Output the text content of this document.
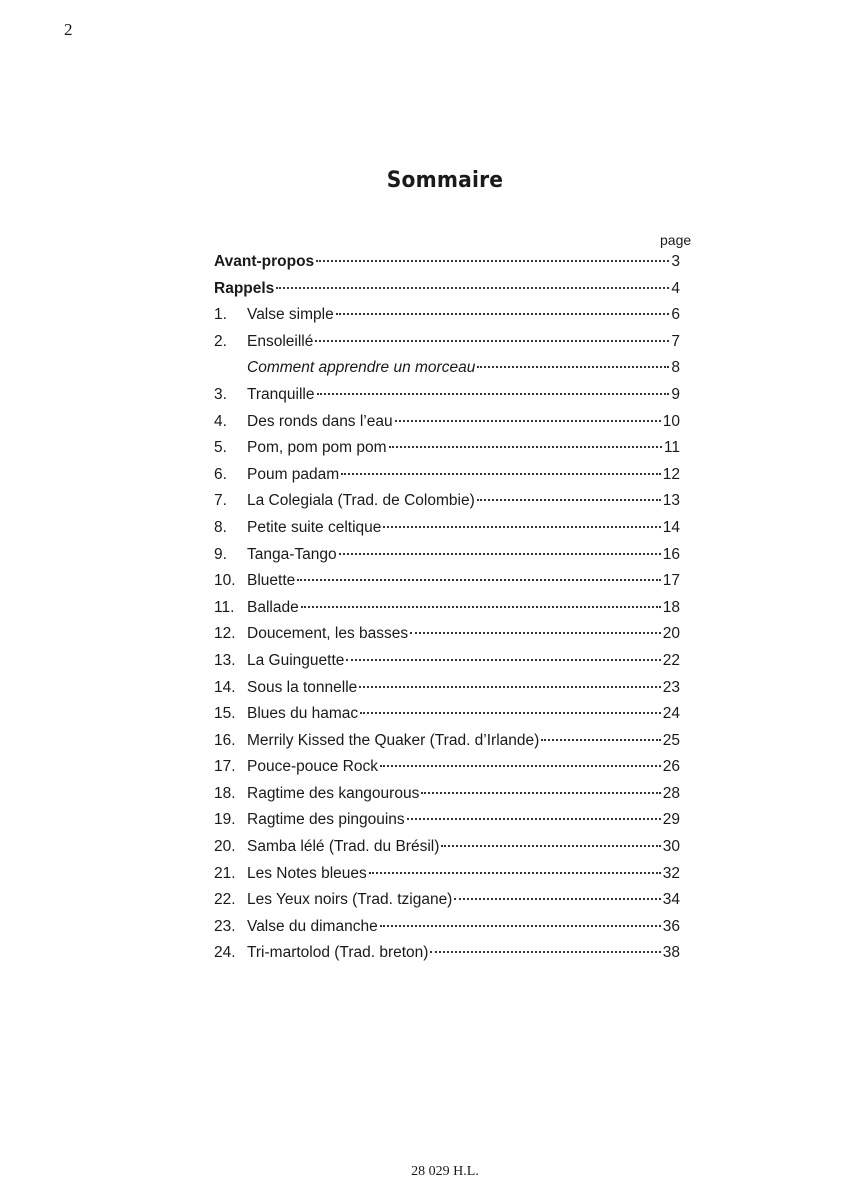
2
Sommaire
page
Avant-propos	3
Rappels	4
1.	Valse simple	6
2.	Ensoleillé	7
Comment apprendre un morceau	8
3.	Tranquille	9
4.	Des ronds dans l’eau	10
5.	Pom, pom pom pom	11
6.	Poum padam	12
7.	La Colegiala (Trad. de Colombie)	13
8.	Petite suite celtique	14
9.	Tanga-Tango	16
10. Bluette	17
11. Ballade	18
12. Doucement, les basses	20
13. La Guinguette	22
14. Sous la tonnelle	23
15. Blues du hamac	24
16. Merrily Kissed the Quaker (Trad. d’Irlande)	25
17. Pouce-pouce Rock	26
18. Ragtime des kangourous	28
19. Ragtime des pingouins	29
20. Samba lélé (Trad. du Brésil)	30
21. Les Notes bleues	32
22. Les Yeux noirs (Trad. tzigane)	34
23. Valse du dimanche	36
24. Tri-martolod (Trad. breton)	38
28 029 H.L.
